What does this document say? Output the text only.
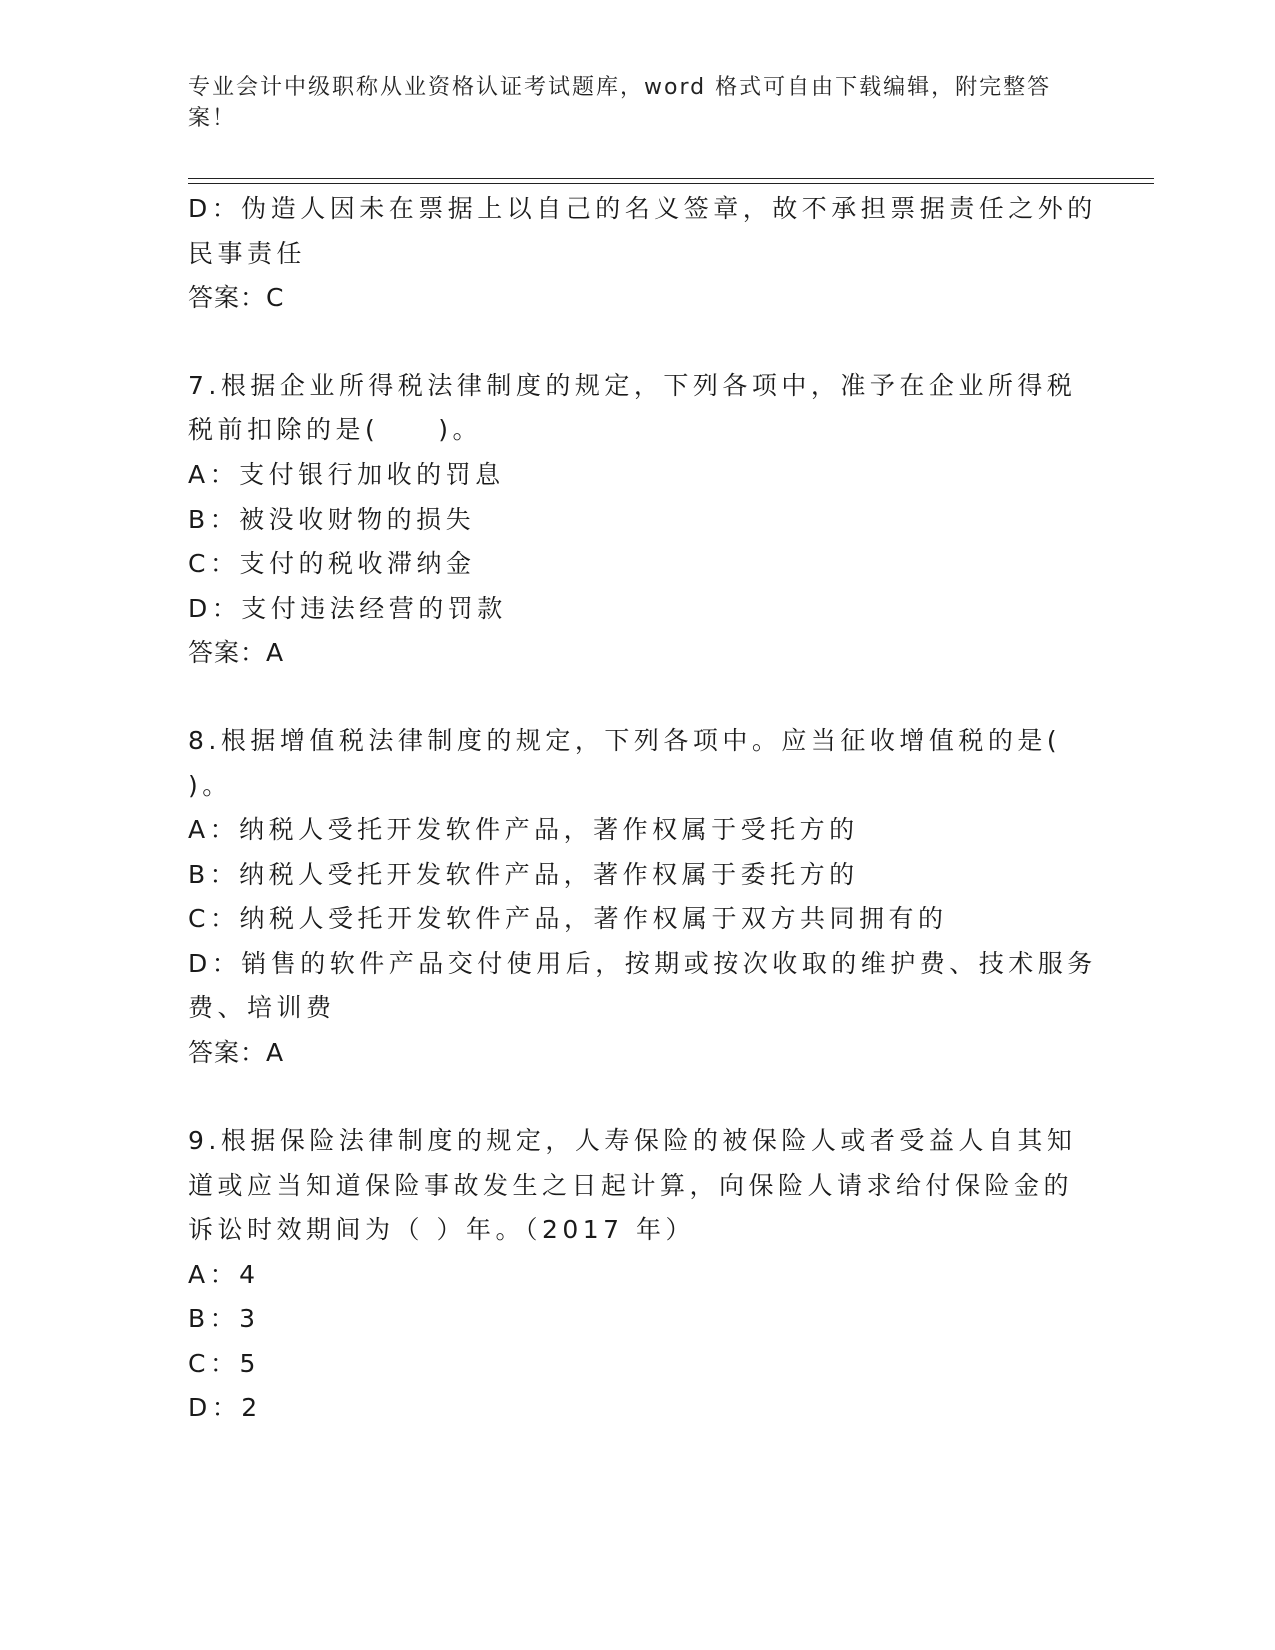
专业会计中级职称从业资格认证考试题库，word 格式可自由下载编辑，附完整答案！
D：伪造人因未在票据上以自己的名义签章，故不承担票据责任之外的
民事责任
答案：C
7.根据企业所得税法律制度的规定，下列各项中，准予在企业所得税
税前扣除的是(　　)。
A：支付银行加收的罚息
B：被没收财物的损失
C：支付的税收滞纳金
D：支付违法经营的罚款
答案：A
8.根据增值税法律制度的规定，下列各项中。应当征收增值税的是(
)。
A：纳税人受托开发软件产品，著作权属于受托方的
B：纳税人受托开发软件产品，著作权属于委托方的
C：纳税人受托开发软件产品，著作权属于双方共同拥有的
D：销售的软件产品交付使用后，按期或按次收取的维护费、技术服务
费、培训费
答案：A
9.根据保险法律制度的规定，人寿保险的被保险人或者受益人自其知
道或应当知道保险事故发生之日起计算，向保险人请求给付保险金的
诉讼时效期间为（ ）年。（2017 年）
A：4
B：3
C：5
D：2
